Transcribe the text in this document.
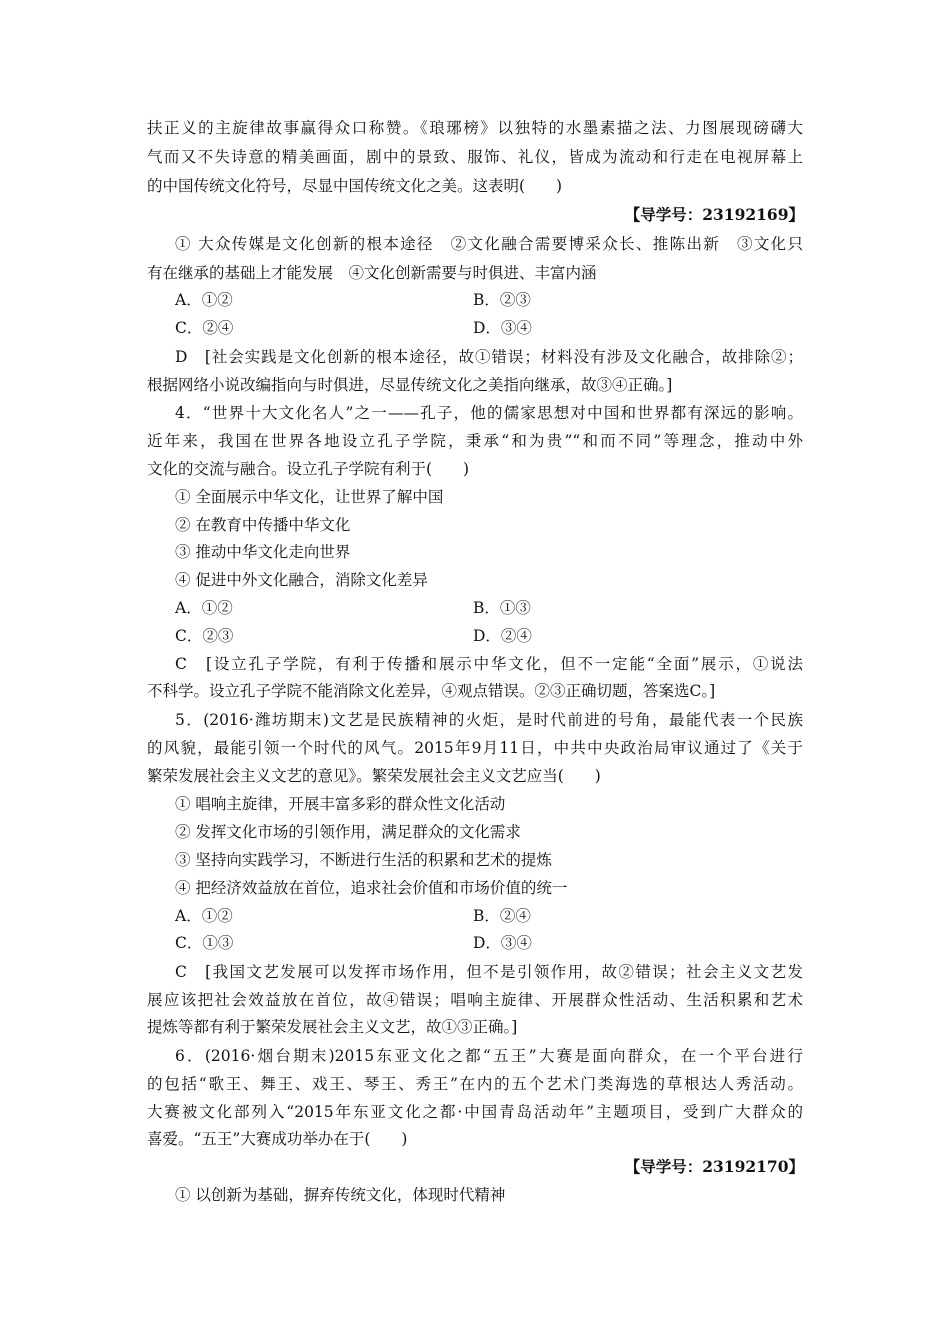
扶正义的主旋律故事赢得众口称赞。《琅琊榜》以独特的水墨素描之法、力图展现磅礴大
气而又不失诗意的精美画面，剧中的景致、服饰、礼仪，皆成为流动和行走在电视屏幕上
的中国传统文化符号，尽显中国传统文化之美。这表明(　　)
【导学号：23192169】
① 大众传媒是文化创新的根本途径　②文化融合需要博采众长、推陈出新　③文化只
有在继承的基础上才能发展　④文化创新需要与时俱进、丰富内涵
A．①②	B．②③
C．②④	D．③④
D　[社会实践是文化创新的根本途径，故①错误；材料没有涉及文化融合，故排除②；
根据网络小说改编指向与时俱进，尽显传统文化之美指向继承，故③④正确。]
4．“世界十大文化名人”之一——孔子，他的儒家思想对中国和世界都有深远的影响。
近年来，我国在世界各地设立孔子学院，秉承“和为贵”“和而不同”等理念，推动中外
文化的交流与融合。设立孔子学院有利于(　　)
① 全面展示中华文化，让世界了解中国
② 在教育中传播中华文化
③ 推动中华文化走向世界
④ 促进中外文化融合，消除文化差异
A．①②	B．①③
C．②③	D．②④
C　[设立孔子学院，有利于传播和展示中华文化，但不一定能“全面”展示，①说法
不科学。设立孔子学院不能消除文化差异，④观点错误。②③正确切题，答案选C。]
5．(2016·潍坊期末)文艺是民族精神的火炬，是时代前进的号角，最能代表一个民族
的风貌，最能引领一个时代的风气。2015年9月11日，中共中央政治局审议通过了《关于
繁荣发展社会主义文艺的意见》。繁荣发展社会主义文艺应当(　　)
① 唱响主旋律，开展丰富多彩的群众性文化活动
② 发挥文化市场的引领作用，满足群众的文化需求
③ 坚持向实践学习，不断进行生活的积累和艺术的提炼
④ 把经济效益放在首位，追求社会价值和市场价值的统一
A．①②	B．②④
C．①③	D．③④
C　[我国文艺发展可以发挥市场作用，但不是引领作用，故②错误；社会主义文艺发
展应该把社会效益放在首位，故④错误；唱响主旋律、开展群众性活动、生活积累和艺术
提炼等都有利于繁荣发展社会主义文艺，故①③正确。]
6．(2016·烟台期末)2015东亚文化之都“五王”大赛是面向群众，在一个平台进行
的包括“歌王、舞王、戏王、琴王、秀王”在内的五个艺术门类海选的草根达人秀活动。
大赛被文化部列入“2015年东亚文化之都·中国青岛活动年”主题项目，受到广大群众的
喜爱。“五王”大赛成功举办在于(　　)
【导学号：23192170】
① 以创新为基础，摒弃传统文化，体现时代精神
